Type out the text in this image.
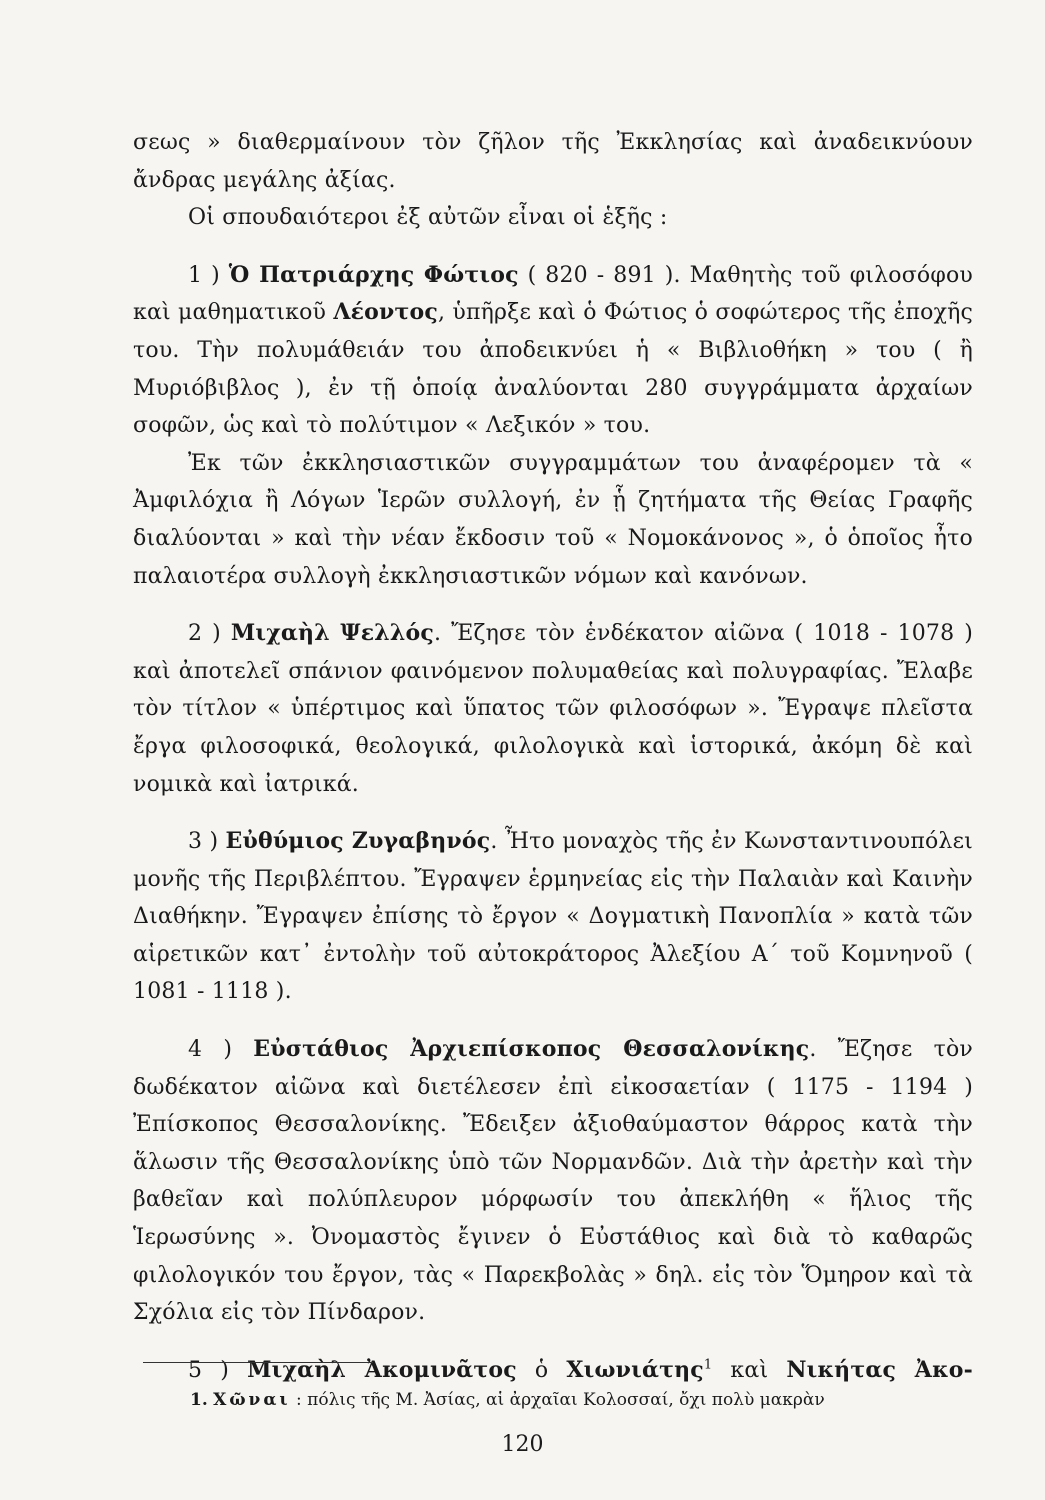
σεως » διαθερμαίνουν τὸν ζῆλον τῆς Ἐκκλησίας καὶ ἀναδεικνύουν ἄνδρας μεγάλης ἀξίας.

Οἱ σπουδαιότεροι ἐξ αὐτῶν εἶναι οἱ ἑξῆς :

1 ) Ὁ Πατριάρχης Φώτιος ( 820 - 891 ). Μαθητὴς τοῦ φιλοσόφου καὶ μαθηματικοῦ Λέοντος, ὑπῆρξε καὶ ὁ Φώτιος ὁ σοφώτερος τῆς ἐποχῆς του. Τὴν πολυμάθειάν του ἀποδεικνύει ἡ « Βιβλιοθήκη » του ( ἢ Μυριόβιβλος ), ἐν τῇ ὁποίᾳ ἀναλύονται 280 συγγράμματα ἀρχαίων σοφῶν, ὡς καὶ τὸ πολύτιμον « Λεξικόν » του.

Ἐκ τῶν ἐκκλησιαστικῶν συγγραμμάτων του ἀναφέρομεν τὰ « Ἀμφιλόχια ἢ Λόγων Ἱερῶν συλλογή, ἐν ᾗ ζητήματα τῆς Θείας Γραφῆς διαλύονται » καὶ τὴν νέαν ἔκδοσιν τοῦ « Νομοκάνονος », ὁ ὁποῖος ἦτο παλαιοτέρα συλλογὴ ἐκκλησιαστικῶν νόμων καὶ κανόνων.

2 ) Μιχαὴλ Ψελλός. Ἔζησε τὸν ἑνδέκατον αἰῶνα ( 1018 - 1078 ) καὶ ἀποτελεῖ σπάνιον φαινόμενον πολυμαθείας καὶ πολυγραφίας. Ἔλαβε τὸν τίτλον « ὑπέρτιμος καὶ ὕπατος τῶν φιλοσόφων ». Ἔγραψε πλεῖστα ἔργα φιλοσοφικά, θεολογικά, φιλολογικὰ καὶ ἱστορικά, ἀκόμη δὲ καὶ νομικὰ καὶ ἰατρικά.

3 ) Εὐθύμιος Ζυγαβηνός. Ἦτο μοναχὸς τῆς ἐν Κωνσταντινουπόλει μονῆς τῆς Περιβλέπτου. Ἔγραψεν ἑρμηνείας εἰς τὴν Παλαιὰν καὶ Καινὴν Διαθήκην. Ἔγραψεν ἐπίσης τὸ ἔργον « Δογματικὴ Πανοπλία » κατὰ τῶν αἱρετικῶν κατ᾽ ἐντολὴν τοῦ αὐτοκράτορος Ἀλεξίου Α´ τοῦ Κομνηνοῦ ( 1081 - 1118 ).

4 ) Εὐστάθιος Ἀρχιεπίσκοπος Θεσσαλονίκης. Ἔζησε τὸν δωδέκατον αἰῶνα καὶ διετέλεσεν ἐπὶ εἰκοσαετίαν ( 1175 - 1194 ) Ἐπίσκοπος Θεσσαλονίκης. Ἔδειξεν ἀξιοθαύμαστον θάρρος κατὰ τὴν ἅλωσιν τῆς Θεσσαλονίκης ὑπὸ τῶν Νορμανδῶν. Διὰ τὴν ἀρετὴν καὶ τὴν βαθεῖαν καὶ πολύπλευρον μόρφωσίν του ἀπεκλήθη « ἥλιος τῆς Ἱερωσύνης ». Ὀνομαστὸς ἔγινεν ὁ Εὐστάθιος καὶ διὰ τὸ καθαρῶς φιλολογικόν του ἔργον, τὰς « Παρεκβολὰς » δηλ. εἰς τὸν Ὅμηρον καὶ τὰ Σχόλια εἰς τὸν Πίνδαρον.

5 ) Μιχαὴλ Ἀκομινᾶτος ὁ Χιωνιάτης$^1$ καὶ Νικήτας Ἀκο-

1. Χῶναι : πόλις τῆς Μ. Ἀσίας, αἱ ἀρχαῖαι Κολοσσαί, ὄχι πολὺ μακρὰν
120
